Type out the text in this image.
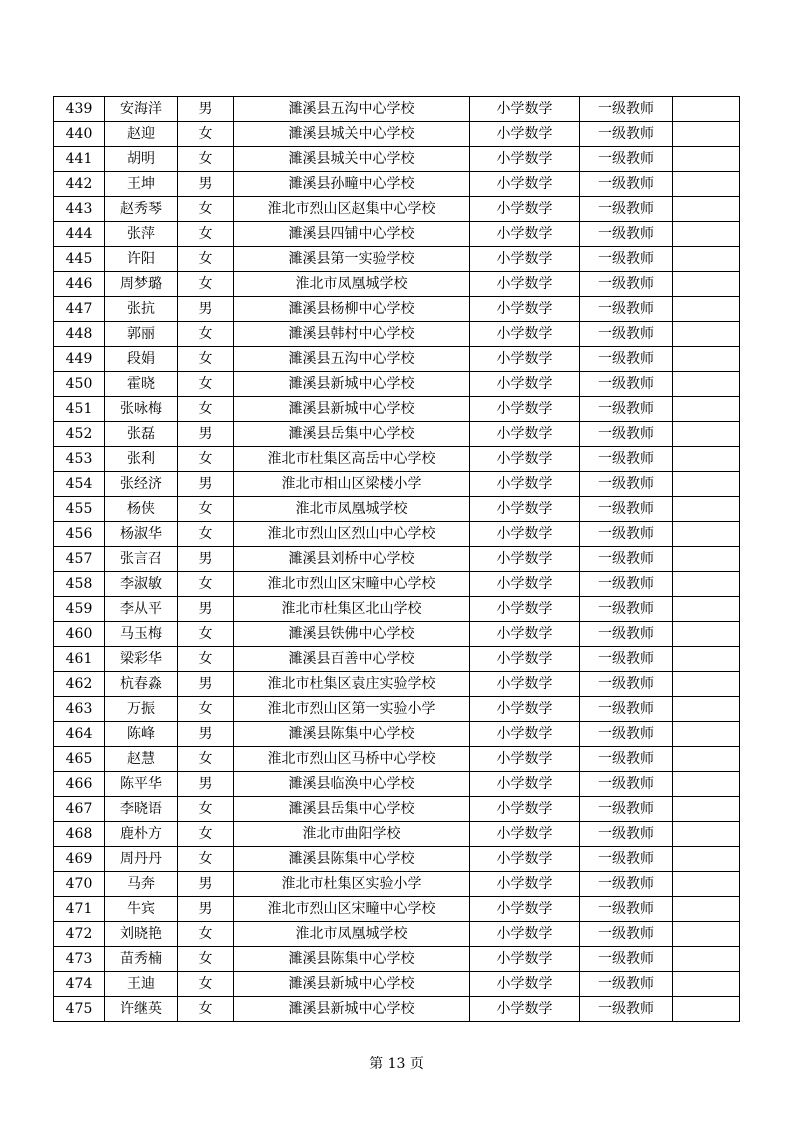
439	安海洋	男	濉溪县五沟中心学校	小学数学	一级教师	
440	赵迎	女	濉溪县城关中心学校	小学数学	一级教师	
441	胡明	女	濉溪县城关中心学校	小学数学	一级教师	
442	王坤	男	濉溪县孙疃中心学校	小学数学	一级教师	
443	赵秀琴	女	淮北市烈山区赵集中心学校	小学数学	一级教师	
444	张萍	女	濉溪县四铺中心学校	小学数学	一级教师	
445	许阳	女	濉溪县第一实验学校	小学数学	一级教师	
446	周梦璐	女	淮北市凤凰城学校	小学数学	一级教师	
447	张抗	男	濉溪县杨柳中心学校	小学数学	一级教师	
448	郭丽	女	濉溪县韩村中心学校	小学数学	一级教师	
449	段娟	女	濉溪县五沟中心学校	小学数学	一级教师	
450	霍晓	女	濉溪县新城中心学校	小学数学	一级教师	
451	张咏梅	女	濉溪县新城中心学校	小学数学	一级教师	
452	张磊	男	濉溪县岳集中心学校	小学数学	一级教师	
453	张利	女	淮北市杜集区高岳中心学校	小学数学	一级教师	
454	张经济	男	淮北市相山区梁楼小学	小学数学	一级教师	
455	杨侠	女	淮北市凤凰城学校	小学数学	一级教师	
456	杨淑华	女	淮北市烈山区烈山中心学校	小学数学	一级教师	
457	张言召	男	濉溪县刘桥中心学校	小学数学	一级教师	
458	李淑敏	女	淮北市烈山区宋疃中心学校	小学数学	一级教师	
459	李从平	男	淮北市杜集区北山学校	小学数学	一级教师	
460	马玉梅	女	濉溪县铁佛中心学校	小学数学	一级教师	
461	梁彩华	女	濉溪县百善中心学校	小学数学	一级教师	
462	杭春淼	男	淮北市杜集区袁庄实验学校	小学数学	一级教师	
463	万振	女	淮北市烈山区第一实验小学	小学数学	一级教师	
464	陈峰	男	濉溪县陈集中心学校	小学数学	一级教师	
465	赵慧	女	淮北市烈山区马桥中心学校	小学数学	一级教师	
466	陈平华	男	濉溪县临涣中心学校	小学数学	一级教师	
467	李晓语	女	濉溪县岳集中心学校	小学数学	一级教师	
468	鹿朴方	女	淮北市曲阳学校	小学数学	一级教师	
469	周丹丹	女	濉溪县陈集中心学校	小学数学	一级教师	
470	马奔	男	淮北市杜集区实验小学	小学数学	一级教师	
471	牛宾	男	淮北市烈山区宋疃中心学校	小学数学	一级教师	
472	刘晓艳	女	淮北市凤凰城学校	小学数学	一级教师	
473	苗秀楠	女	濉溪县陈集中心学校	小学数学	一级教师	
474	王迪	女	濉溪县新城中心学校	小学数学	一级教师	
475	许继英	女	濉溪县新城中心学校	小学数学	一级教师	
第 13 页
